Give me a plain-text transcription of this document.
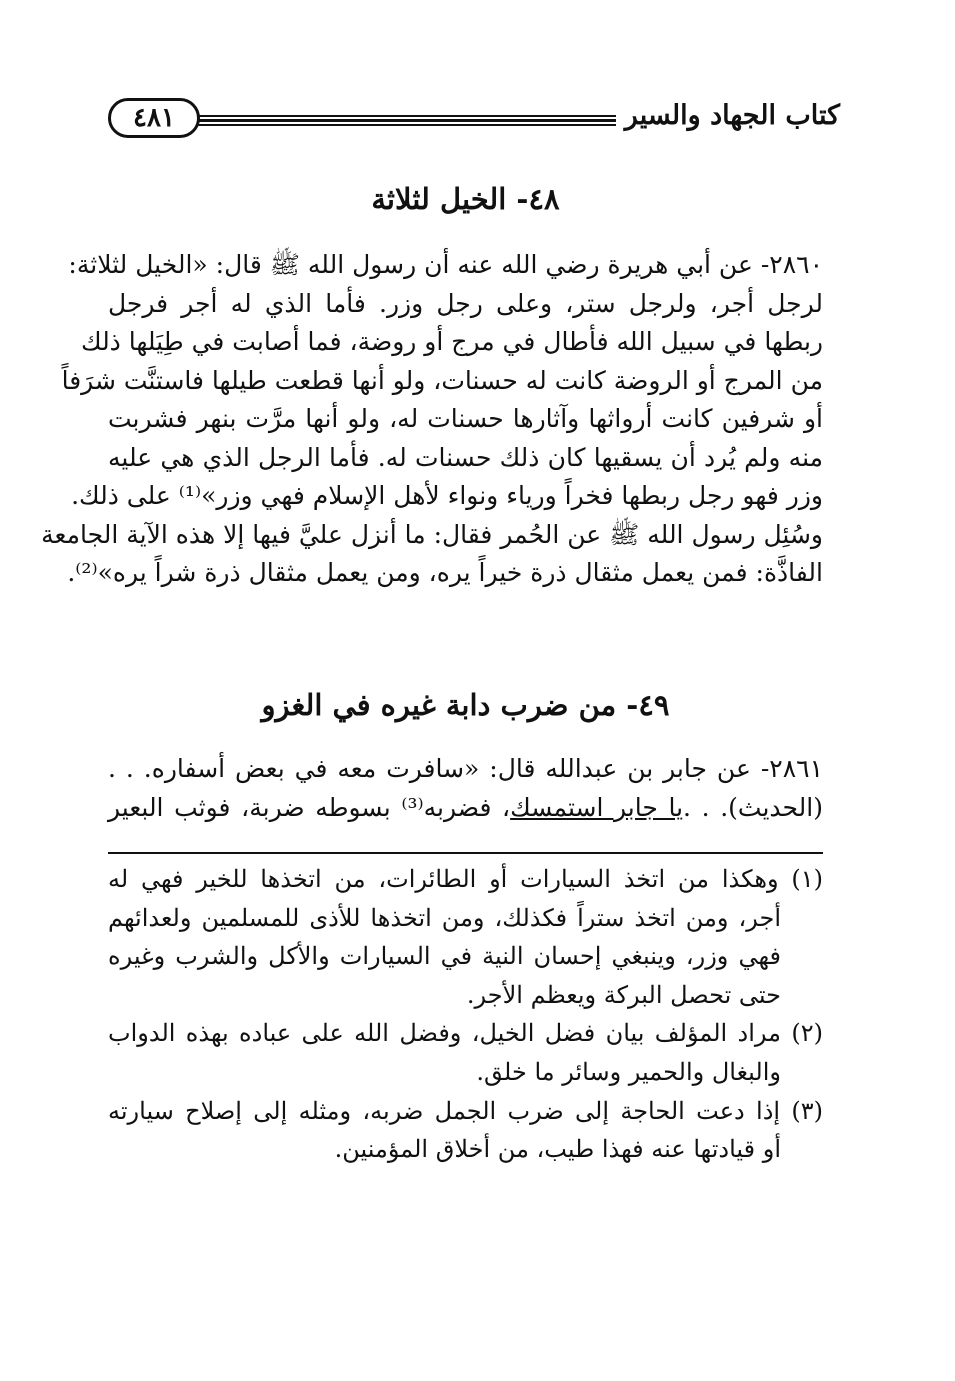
٤٨١	كتاب الجهاد والسير
٤٨- الخيل لثلاثة
٢٨٦٠- عن أبي هريرة رضي الله عنه أن رسول الله ﷺ قال: «الخيل لثلاثة:
لرجل أجر، ولرجل ستر، وعلى رجل وزر. فأما الذي له أجر فرجل
ربطها في سبيل الله فأطال في مرج أو روضة، فما أصابت في طِيَلها ذلك
من المرج أو الروضة كانت له حسنات، ولو أنها قطعت طيلها فاستنَّت شرَفاً
أو شرفين كانت أرواثها وآثارها حسنات له، ولو أنها مرَّت بنهر فشربت
منه ولم يُرد أن يسقيها كان ذلك حسنات له. فأما الرجل الذي هي عليه
وزر فهو رجل ربطها فخراً ورياء ونواء لأهل الإسلام فهي وزر»⁽¹⁾ على ذلك.
وسُئِل رسول الله ﷺ عن الحُمر فقال: ما أنزل عليَّ فيها إلا هذه الآية الجامعة
الفاذَّة: فمن يعمل مثقال ذرة خيراً يره، ومن يعمل مثقال ذرة شراً يره»⁽²⁾.
٤٩- من ضرب دابة غيره في الغزو
٢٨٦١- عن جابر بن عبدالله قال: «سافرت معه في بعض أسفاره. . .
(الحديث). . .يا جابر استمسك، فضربه⁽³⁾ بسوطه ضربة، فوثب البعير
(١) وهكذا من اتخذ السيارات أو الطائرات، من اتخذها للخير فهي له
أجر، ومن اتخذ ستراً فكذلك، ومن اتخذها للأذى للمسلمين ولعدائهم
فهي وزر، وينبغي إحسان النية في السيارات والأكل والشرب وغيره
حتى تحصل البركة ويعظم الأجر.
(٢) مراد المؤلف بيان فضل الخيل، وفضل الله على عباده بهذه الدواب
والبغال والحمير وسائر ما خلق.
(٣) إذا دعت الحاجة إلى ضرب الجمل ضربه، ومثله إلى إصلاح سيارته
أو قيادتها عنه فهذا طيب، من أخلاق المؤمنين.
